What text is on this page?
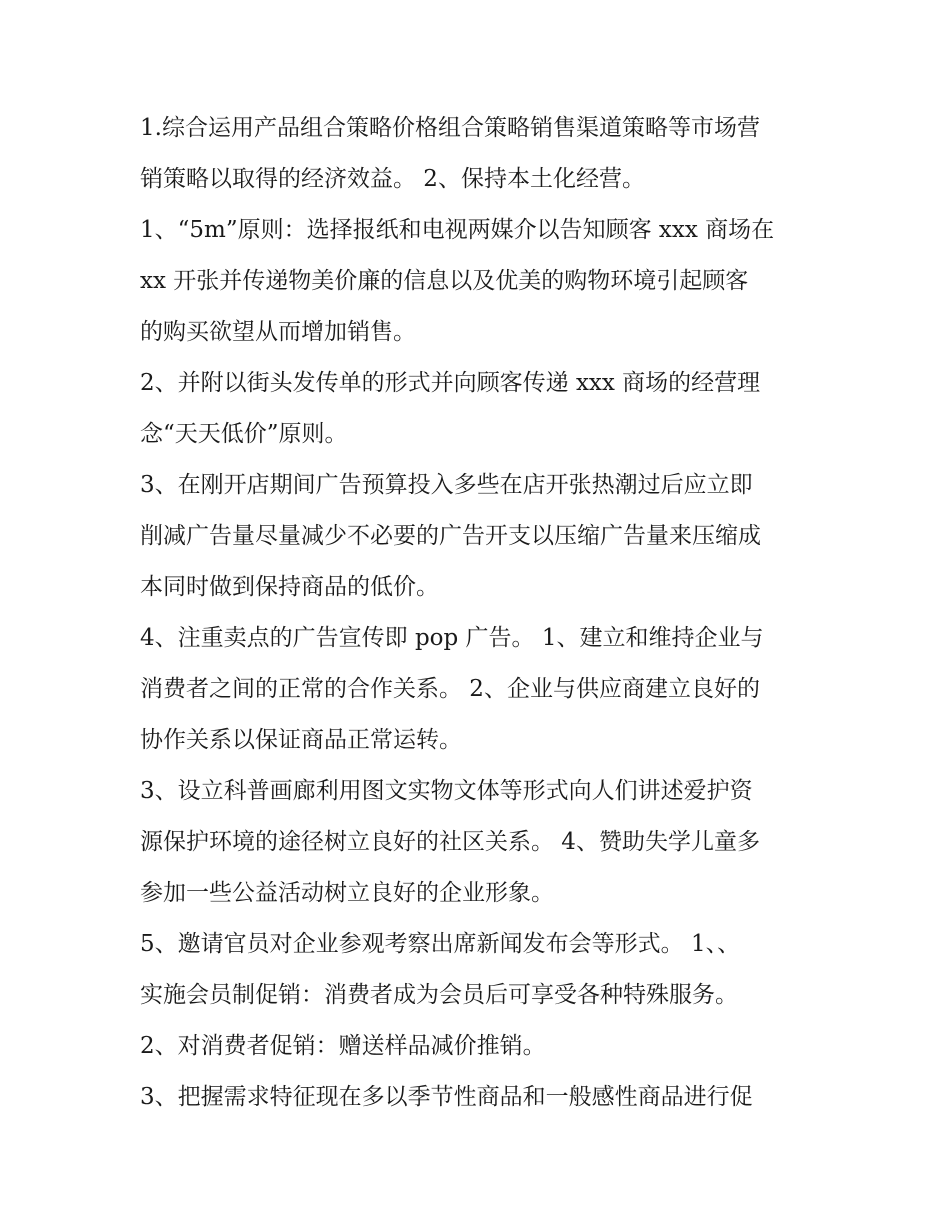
1.综合运用产品组合策略价格组合策略销售渠道策略等市场营
销策略以取得的经济效益。 2、保持本土化经营。
1、“5m”原则：选择报纸和电视两媒介以告知顾客 xxx 商场在
xx 开张并传递物美价廉的信息以及优美的购物环境引起顾客
的购买欲望从而增加销售。
2、并附以街头发传单的形式并向顾客传递 xxx 商场的经营理
念“天天低价”原则。
3、在刚开店期间广告预算投入多些在店开张热潮过后应立即
削减广告量尽量减少不必要的广告开支以压缩广告量来压缩成
本同时做到保持商品的低价。
4、注重卖点的广告宣传即 pop 广告。 1、建立和维持企业与
消费者之间的正常的合作关系。 2、企业与供应商建立良好的
协作关系以保证商品正常运转。
3、设立科普画廊利用图文实物文体等形式向人们讲述爱护资
源保护环境的途径树立良好的社区关系。 4、赞助失学儿童多
参加一些公益活动树立良好的企业形象。
5、邀请官员对企业参观考察出席新闻发布会等形式。 1、、
实施会员制促销：消费者成为会员后可享受各种特殊服务。
2、对消费者促销：赠送样品减价推销。
3、把握需求特征现在多以季节性商品和一般感性商品进行促
